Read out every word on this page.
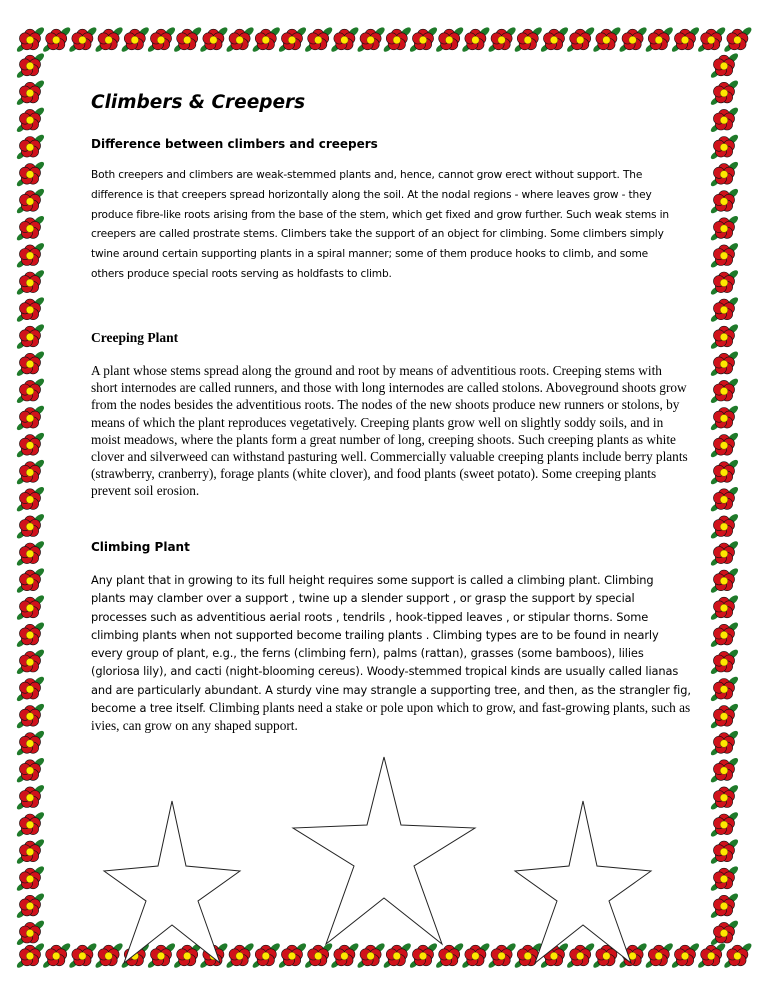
Climbers & Creepers
Difference between climbers and creepers

Both creepers and climbers are weak-stemmed plants and, hence, cannot grow erect without support. The difference is that creepers spread horizontally along the soil. At the nodal regions - where leaves grow - they produce fibre-like roots arising from the base of the stem, which get fixed and grow further. Such weak stems in creepers are called prostrate stems. Climbers take the support of an object for climbing. Some climbers simply twine around certain supporting plants in a spiral manner; some of them produce hooks to climb, and some others produce special roots serving as holdfasts to climb.

Creeping Plant

A plant whose stems spread along the ground and root by means of adventitious roots. Creeping stems with short internodes are called runners, and those with long internodes are called stolons. Aboveground shoots grow from the nodes besides the adventitious roots. The nodes of the new shoots produce new runners or stolons, by means of which the plant reproduces vegetatively. Creeping plants grow well on slightly soddy soils, and in moist meadows, where the plants form a great number of long, creeping shoots. Such creeping plants as white clover and silverweed can withstand pasturing well. Commercially valuable creeping plants include berry plants (strawberry, cranberry), forage plants (white clover), and food plants (sweet potato). Some creeping plants prevent soil erosion.

Climbing Plant

Any plant that in growing to its full height requires some support is called a climbing plant. Climbing plants may clamber over a support , twine up a slender support , or grasp the support by special processes such as adventitious aerial roots , tendrils , hook-tipped leaves , or stipular thorns. Some climbing plants when not supported become trailing plants . Climbing types are to be found in nearly every group of plant, e.g., the ferns (climbing fern), palms (rattan), grasses (some bamboos), lilies (gloriosa lily), and cacti (night-blooming cereus). Woody-stemmed tropical kinds are usually called lianas and are particularly abundant. A sturdy vine may strangle a supporting tree, and then, as the strangler fig, become a tree itself. Climbing plants need a stake or pole upon which to grow, and fast-growing plants, such as ivies, can grow on any shaped support.
